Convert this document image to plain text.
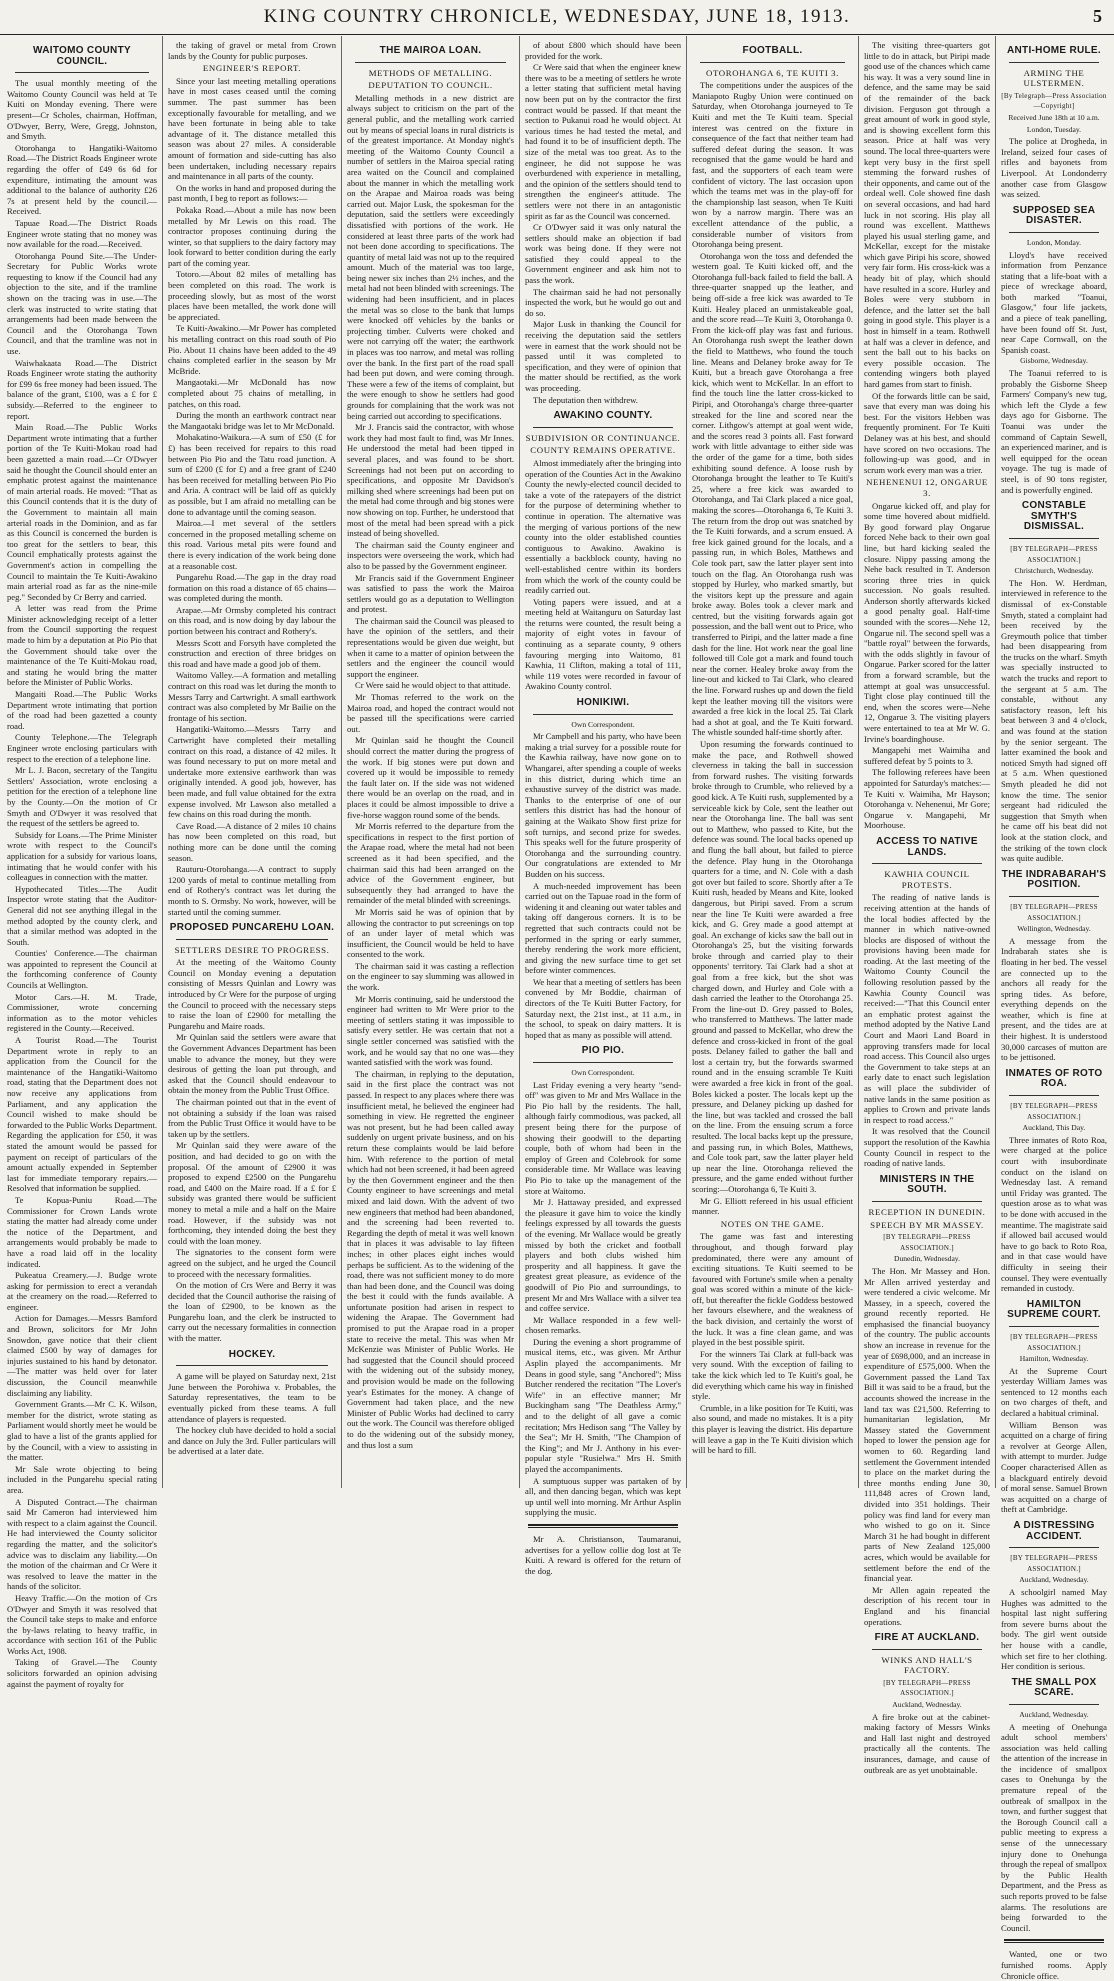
KING COUNTRY CHRONICLE, WEDNESDAY, JUNE 18, 1913.	5
WAITOMO COUNTY COUNCIL.

The usual monthly meeting of the Waitomo County Council was held at Te Kuiti on Monday evening. There were present—Cr Scholes, chairman, Hoffman, O'Dwyer, Berry, Were, Gregg, Johnston, and Smyth.

Otorohanga to Hangatiki-Waitomo Road.—The District Roads Engineer wrote regarding the offer of £49 6s 6d for expenditure, intimating the amount was additional to the balance of authority £26 7s at present held by the council.—Received.

Tapuae Road.—The District Roads Engineer wrote stating that no money was now available for the road.—Received.

Otorohanga Pound Site.—The Under-Secretary for Public Works wrote requesting to know if the Council had any objection to the site, and if the tramline shown on the tracing was in use.—The clerk was instructed to write stating that arrangements had been made between the Council and the Otorohanga Town Council, and that the tramline was not in use.

Waiwhakaata Road.—The District Roads Engineer wrote stating the authority for £99 6s free money had been issued. The balance of the grant, £100, was a £ for £ subsidy.—Referred to the engineer to report.

Main Road.—The Public Works Department wrote intimating that a further portion of the Te Kuiti-Mokau road had been gazetted a main road.—Cr O'Dwyer said he thought the Council should enter an emphatic protest against the maintenance of main arterial roads. He moved: "That as this Council contends that it is the duty of the Government to maintain all main arterial roads in the Dominion, and as far as this Council is concerned the burden is too great for the settlers to bear, this Council emphatically protests against the Government's action in compelling the Council to maintain the Te Kuiti-Awakino main arterial road as far as the nine-mile peg." Seconded by Cr Berry and carried.

A letter was read from the Prime Minister acknowledging receipt of a letter from the Council supporting the request made to him by a deputation at Pio Pio that the Government should take over the maintenance of the Te Kuiti-Mokau road, and stating he would bring the matter before the Minister of Public Works.

Mangaiti Road.—The Public Works Department wrote intimating that portion of the road had been gazetted a county road.

County Telephone.—The Telegraph Engineer wrote enclosing particulars with respect to the erection of a telephone line.

Mr L. J. Bacon, secretary of the Tangitu Settlers' Association, wrote enclosing a petition for the erection of a telephone line by the County.—On the motion of Cr Smyth and O'Dwyer it was resolved that the request of the settlers be agreed to.

Subsidy for Loans.—The Prime Minister wrote with respect to the Council's application for a subsidy for various loans, intimating that he would confer with his colleagues in connection with the matter.

Hypothecated Titles.—The Audit Inspector wrote stating that the Auditor-General did not see anything illegal in the method adopted by the county clerk, and that a similar method was adopted in the South.

Counties' Conference.—The chairman was appointed to represent the Council at the forthcoming conference of County Councils at Wellington.

Motor Cars.—H. M. Trade, Commissioner, wrote concerning information as to the motor vehicles registered in the County.—Received.

A Tourist Road.—The Tourist Department wrote in reply to an application from the Council for the maintenance of the Hangatiki-Waitomo road, stating that the Department does not now receive any applications from Parliament, and any application the Council wished to make should be forwarded to the Public Works Department. Regarding the application for £50, it was stated the amount would be passed for payment on receipt of particulars of the amount actually expended in September last for immediate temporary repairs.—Resolved that information be supplied.

Te Kopua-Puniu Road.—The Commissioner for Crown Lands wrote stating the matter had already come under the notice of the Department, and arrangements would probably be made to have a road laid off in the locality indicated.

Pukeatua Creamery.—J. Budge wrote asking for permission to erect a verandah at the creamery on the road.—Referred to engineer.

Action for Damages.—Messrs Bamford and Brown, solicitors for Mr John Snowdon, gave notice that their client claimed £500 by way of damages for injuries sustained to his hand by detonator.—The matter was held over for later discussion, the Council meanwhile disclaiming any liability.

Government Grants.—Mr C. K. Wilson, member for the district, wrote stating as Parliament would shortly meet he would be glad to have a list of the grants applied for by the Council, with a view to assisting in the matter.

Mr Sale wrote objecting to being included in the Pungarehu special rating area.

A Disputed Contract.—The chairman said Mr Cameron had interviewed him with respect to a claim against the Council. He had interviewed the County solicitor regarding the matter, and the solicitor's advice was to disclaim any liability.—On the motion of the chairman and Cr Were it was resolved to leave the matter in the hands of the solicitor.

Heavy Traffic.—On the motion of Crs O'Dwyer and Smyth it was resolved that the Council take steps to make and enforce the by-laws relating to heavy traffic, in accordance with section 161 of the Public Works Act, 1908.

Taking of Gravel.—The County solicitors forwarded an opinion advising against the payment of royalty for

the taking of gravel or metal from Crown lands by the County for public purposes.

ENGINEER'S REPORT.

Since your last meeting metalling operations have in most cases ceased until the coming summer. The past summer has been exceptionally favourable for metalling, and we have been fortunate in being able to take advantage of it. The distance metalled this season was about 27 miles. A considerable amount of formation and side-cutting has also been undertaken, including necessary repairs and maintenance in all parts of the county.

On the works in hand and proposed during the past month, I beg to report as follows:—

Pokaka Road.—About a mile has now been metalled by Mr Lewis on this road. The contractor proposes continuing during the winter, so that suppliers to the dairy factory may look forward to better condition during the early part of the coming year.

Totoro.—About 82 miles of metalling has been completed on this road. The work is proceeding slowly, but as most of the worst places have been metalled, the work done will be appreciated.

Te Kuiti-Awakino.—Mr Power has completed his metalling contract on this road south of Pio Pio. About 11 chains have been added to the 49 chains completed earlier in the season by Mr McBride.

Mangaotaki.—Mr McDonald has now completed about 75 chains of metalling, in patches, on this road.

During the month an earthwork contract near the Mangaotaki bridge was let to Mr McDonald.

Mohakatino-Waikura.—A sum of £50 (£ for £) has been received for repairs to this road between Pio Pio and the Tatu road junction. A sum of £200 (£ for £) and a free grant of £240 has been received for metalling between Pio Pio and Aria. A contract will be laid off as quickly as possible, but I am afraid no metalling can be done to advantage until the coming season.

Mairoa.—I met several of the settlers concerned in the proposed metalling scheme on this road. Various metal pits were found and there is every indication of the work being done at a reasonable cost.

Pungarehu Road.—The gap in the dray road formation on this road a distance of 65 chains—was completed during the month.

Arapae.—Mr Ormsby completed his contract on this road, and is now doing by day labour the portion between his contract and Rothery's.

Messrs Scott and Forsyth have completed the construction and erection of three bridges on this road and have made a good job of them.

Waitomo Valley.—A formation and metalling contract on this road was let during the month to Messrs Tarry and Cartwright. A small earthwork contract was also completed by Mr Bailie on the frontage of his section.

Hangatiki-Waitomo.—Messrs Tarry and Cartwright have completed their metalling contract on this road, a distance of 42 miles. It was found necessary to put on more metal and undertake more extensive earthwork than was originally intended. A good job, however, has been made, and full value obtained for the extra expense involved. Mr Lawson also metalled a few chains on this road during the month.

Cave Road.—A distance of 2 miles 10 chains has now been completed on this road, but nothing more can be done until the coming season.

Rauturu-Otorohanga.—A contract to supply 1200 yards of metal to continue metalling from end of Rothery's contract was let during the month to S. Ormsby. No work, however, will be started until the coming summer.

PROPOSED PUNCAREHU LOAN.
SETTLERS DESIRE TO PROGRESS.

At the meeting of the Waitomo County Council on Monday evening a deputation consisting of Messrs Quinlan and Lowry was introduced by Cr Were for the purpose of urging the Council to proceed with the necessary steps to raise the loan of £2900 for metalling the Pungarehu and Maire roads.

Mr Quinlan said the settlers were aware that the Government Advances Department has been unable to advance the money, but they were desirous of getting the loan put through, and asked that the Council should endeavour to obtain the money from the Public Trust Office.

The chairman pointed out that in the event of not obtaining a subsidy if the loan was raised from the Public Trust Office it would have to be taken up by the settlers.

Mr Quinlan said they were aware of the position, and had decided to go on with the proposal. Of the amount of £2900 it was proposed to expend £2500 on the Pungarehu road, and £400 on the Maire road. If a £ for £ subsidy was granted there would be sufficient money to metal a mile and a half on the Maire road. However, if the subsidy was not forthcoming, they intended doing the best they could with the loan money.

The signatories to the consent form were agreed on the subject, and he urged the Council to proceed with the necessary formalities.

On the motion of Crs Were and Berry it was decided that the Council authorise the raising of the loan of £2900, to be known as the Pungarehu loan, and the clerk be instructed to carry out the necessary formalities in connection with the matter.

HOCKEY.

A game will be played on Saturday next, 21st June between the Porohiwa v. Probables, the Saturday representatives, the team to be eventually picked from these teams. A full attendance of players is requested.

The hockey club have decided to hold a social and dance on July the 3rd. Fuller particulars will be advertised at a later date.

THE MAIROA LOAN.
METHODS OF METALLING.
DEPUTATION TO COUNCIL.

Metalling methods in a new district are always subject to criticism on the part of the general public, and the metalling work carried out by means of special loans in rural districts is of the greatest importance. At Monday night's meeting of the Waitomo County Council a number of settlers in the Mairoa special rating area waited on the Council and complained about the manner in which the metalling work on the Arapae and Mairoa roads was being carried out. Major Lusk, the spokesman for the deputation, said the settlers were exceedingly dissatisfied with portions of the work. He considered at least three parts of the work had not been done according to specifications. The quantity of metal laid was not up to the required amount. Much of the material was too large, being newer six inches than 2½ inches, and the metal had not been blinded with screenings. The widening had been insufficient, and in places the metal was so close to the bank that lumps were knocked off vehicles by the banks or projecting timber. Culverts were choked and were not carrying off the water; the earthwork in places was too narrow, and metal was rolling over the bank. In the first part of the road spall had been put down, and were coming through. These were a few of the items of complaint, but the were enough to show he settlers had good grounds for complaining that the work was not being carried out according to specifications.

Mr J. Francis said the contractor, with whose work they had most fault to find, was Mr Innes. He understood the metal had been tipped in several places, and was found to be short. Screenings had not been put on according to specifications, and opposite Mr Davidson's milking shed where screenings had been put on the metal had come through and big stones were now showing on top. Further, he understood that most of the metal had been spread with a pick instead of being shovelled.

The chairman said the County engineer and inspectors were overseeing the work, which had also to be passed by the Government engineer.

Mr Francis said if the Government Engineer was satisfied to pass the work the Mairoa settlers would go as a deputation to Wellington and protest.

The chairman said the Council was pleased to have the opinion of the settlers, and their representations would be given due weight, but when it came to a matter of opinion between the settlers and the engineer the council would support the engineer.

Cr Were said he would object to that attitude.

Mr Thomas referred to the work on the Mairoa road, and hoped the contract would not be passed till the specifications were carried out.

Mr Quinlan said he thought the Council should correct the matter during the progress of the work. If big stones were put down and covered up it would be impossible to remedy the fault later on. If the side was not widened there would be an overlap on the road, and in places it could be almost impossible to drive a five-horse waggon round some of the bends.

Mr Morris referred to the departure from the specifications in respect to the first portion of the Arapae road, where the metal had not been screened as it had been specified, and the chairman said this had been arranged on the advice of the Government engineer, but subsequently they had arranged to have the remainder of the metal blinded with screenings.

Mr Morris said he was of opinion that by allowing the contractor to put screenings on top of an under layer of metal which was insufficient, the Council would be held to have consented to the work.

The chairman said it was casting a reflection on the engineer to say slumming was allowed in the work.

Mr Morris continuing, said he understood the engineer had written to Mr Were prior to the meeting of settlers stating it was impossible to satisfy every settler. He was certain that not a single settler concerned was satisfied with the work, and he would say that no one was—they wanted satisfied with the work was found.

The chairman, in replying to the deputation, said in the first place the contract was not passed. In respect to any places where there was insufficient metal, he believed the engineer had something in view. He regretted the engineer was not present, but he had been called away suddenly on urgent private business, and on his return these complaints would be laid before him. With reference to the portion of metal which had not been screened, it had been agreed by the then Government engineer and the then County engineer to have screenings and metal mixed and laid down. With the advent of two new engineers that method had been abandoned, and the screening had been reverted to. Regarding the depth of metal it was well known that in places it was advisable to lay fifteen inches; in other places eight inches would perhaps be sufficient. As to the widening of the road, there was not sufficient money to do more than had been done, and the Council was doing the best it could with the funds available. A unfortunate position had arisen in respect to widening the Arapae. The Government had promised to put the Arapae road in a proper state to receive the metal. This was when Mr McKenzie was Minister of Public Works. He had suggested that the Council should proceed with the widening out of the subsidy money, and provision would be made on the following year's Estimates for the money. A change of Government had taken place, and the new Minister of Public Works had declined to carry out the work. The Council was therefore obliged to do the widening out of the subsidy money, and thus lost a sum

of about £800 which should have been provided for the work.

Cr Were said that when the engineer knew there was to be a meeting of settlers he wrote a letter stating that sufficient metal having now been put on by the contractor the first contract would be passed. If that meant the section to Pukanui road he would object. At various times he had tested the metal, and had found it to be of insufficient depth. The size of the metal was too great. As to the engineer, he did not suppose he was overburdened with experience in metalling, and the opinion of the settlers should tend to strengthen the engineer's attitude. The settlers were not there in an antagonistic spirit as far as the Council was concerned.

Cr O'Dwyer said it was only natural the settlers should make an objection if bad work was being done. If they were not satisfied they could appeal to the Government engineer and ask him not to pass the work.

The chairman said he had not personally inspected the work, but he would go out and do so.

Major Lusk in thanking the Council for receiving the deputation said the settlers were in earnest that the work should not be passed until it was completed to specification, and they were of opinion that the matter should be rectified, as the work was proceeding.

The deputation then withdrew.

AWAKINO COUNTY.
SUBDIVISION OR CONTINUANCE.
COUNTY REMAINS OPERATIVE.

Almost immediately after the bringing into operation of the Counties Act in the Awakino County the newly-elected council decided to take a vote of the ratepayers of the district for the purpose of determining whether to continue in operation. The alternative was the merging of various portions of the new county into the older established counties contiguous to Awakino. Awakino is essentially a backblock county, having no well-established centre within its borders from which the work of the county could be readily carried out.

Voting papers were issued, and at a meeting held at Waitanguru on Saturday last the returns were counted, the result being a majority of eight votes in favour of continuing as a separate county, 9 others favouring merging into Waitomo, 81 Kawhia, 11 Clifton, making a total of 111, while 119 votes were recorded in favour of Awakino County control.

HONIKIWI.
Own Correspondent.

Mr Campbell and his party, who have been making a trial survey for a possible route for the Kawhia railway, have now gone on to Whangarei, after spending a couple of weeks in this district, during which time an exhaustive survey of the district was made. Thanks to the enterprise of one of our settlers this district has had the honour of gaining at the Waikato Show first prize for soft turnips, and second prize for swedes. This speaks well for the future prosperity of Otorohanga and the surrounding country. Our congratulations are extended to Mr Budden on his success.

A much-needed improvement has been carried out on the Tapuae road in the form of widening it and cleaning out water tables and taking off dangerous corners. It is to be regretted that such contracts could not be performed in the spring or early summer, thereby rendering the work more efficient, and giving the new surface time to get set before winter commences.

We hear that a meeting of settlers has been convened by Mr Boddie, chairman of directors of the Te Kuiti Butter Factory, for Saturday next, the 21st inst., at 11 a.m., in the school, to speak on dairy matters. It is hoped that as many as possible will attend.

PIO PIO.
Own Correspondent.

Last Friday evening a very hearty "send-off" was given to Mr and Mrs Wallace in the Pio Pio hall by the residents. The hall, although fairly commodious, was packed, all present being there for the purpose of showing their goodwill to the departing couple, both of whom had been in the employ of Green and Colebrook for some considerable time. Mr Wallace was leaving Pio Pio to take up the management of the store at Waitomo.

Mr J. Hattaway presided, and expressed the pleasure it gave him to voice the kindly feelings expressed by all towards the guests of the evening. Mr Wallace would be greatly missed by both the cricket and football players and both clubs wished him prosperity and all happiness. It gave the greatest great pleasure, as evidence of the goodwill of Pio Pio and surroundings, to present Mr and Mrs Wallace with a silver tea and coffee service.

Mr Wallace responded in a few well-chosen remarks.

During the evening a short programme of musical items, etc., was given. Mr Arthur Asplin played the accompaniments. Mr Deans in good style, sang "Anchored"; Miss Butcher rendered the recitation "The Lover's Wife" in an effective manner; Mr Buckingham sang "The Deathless Army," and to the delight of all gave a comic recitation; Mrs Hedison sang "The Valley by the Sea"; Mr H. Smith, "The Champion of the King"; and Mr J. Anthony in his ever-popular style "Rusielwa." Mrs H. Smith played the accompaniments.

A sumptuous supper was partaken of by all, and then dancing began, which was kept up until well into morning. Mr Arthur Asplin supplying the music.

Mr A. Christianson, Taumaranui, advertises for a yellow collie dog lost at Te Kuiti. A reward is offered for the return of the dog.

FOOTBALL.
OTOROHANGA 6, TE KUITI 3.

The competitions under the auspices of the Maniapoto Rugby Union were continued on Saturday, when Otorohanga journeyed to Te Kuiti and met the Te Kuiti team. Special interest was centred on the fixture in consequence of the fact that neither team had suffered defeat during the season. It was recognised that the game would be hard and fast, and the supporters of each team were confident of victory. The last occasion upon which the teams met was in the play-off for the championship last season, when Te Kuiti won by a narrow margin. There was an excellent attendance of the public, a considerable number of visitors from Otorohanga being present.

Otorohanga won the toss and defended the western goal. Te Kuiti kicked off, and the Otorohanga full-back failed to field the ball. A three-quarter snapped up the leather, and being off-side a free kick was awarded to Te Kuiti. Healey placed an unmistakeable goal, and the score read—Te Kuiti 3, Otorohanga 0. From the kick-off play was fast and furious. An Otorohanga rush swept the leather down the field to Matthews, who found the touch line. Means and Delaney broke away for Te Kuiti, but a breach gave Otorohanga a free kick, which went to McKellar. In an effort to find the touch line the latter cross-kicked to Piripi, and Otorohanga's charge three-quarter streaked for the line and scored near the corner. Lithgow's attempt at goal went wide, and the scores read 3 points all. Fast forward work with little advantage to either side was the order of the game for a time, both sides exhibiting sound defence. A loose rush by Otorohanga brought the leather to Te Kuiti's 25, where a free kick was awarded to Otorohanga, and Tai Clark placed a nice goal, making the scores—Otorohanga 6, Te Kuiti 3. The return from the drop out was snatched by the Te Kuiti forwards, and a scrum ensued. A free kick gained ground for the locals, and a passing run, in which Boles, Matthews and Cole took part, saw the latter player sent into touch on the flag. An Otorohanga rush was stopped by Hurley, who marked smartly, but the visitors kept up the pressure and again broke away. Boles took a clever mark and centred, but the visiting forwards again got possession, and the ball went out to Price, who transferred to Piripi, and the latter made a fine dash for the line. Hot work near the goal line followed till Cole got a mark and found touch near the corner. Healey broke away from the line-out and kicked to Tai Clark, who cleared the line. Forward rushes up and down the field kept the leather moving till the visitors were awarded a free kick in the local 25. Tai Clark had a shot at goal, and the Te Kuiti forward. The whistle sounded half-time shortly after.

Upon resuming the forwards continued to make the pace, and Rothwell showed cleverness in taking the ball in succession from forward rushes. The visiting forwards broke through to Crumble, who relieved by a good kick. A Te Kuiti rush, supplemented by a serviceable kick by Cole, sent the leather out near the Otorohanga line. The ball was sent out to Matthew, who passed to Kite, but the defence was sound. The local backs opened up and flung the ball about, but failed to pierce the defence. Play hung in the Otorohanga quarters for a time, and N. Cole with a dash got over but failed to score. Shortly after a Te Kuiti rush, headed by Means and Kite, looked dangerous, but Piripi saved. From a scrum near the line Te Kuiti were awarded a free kick, and G. Grey made a good attempt at goal. An exchange of kicks saw the ball out in Otorohanga's 25, but the visiting forwards broke through and carried play to their opponents' territory. Tai Clark had a shot at goal from a free kick, but the shot was charged down, and Hurley and Cole with a dash carried the leather to the Otorohanga 25. From the line-out D. Grey passed to Boles, who transferred to Matthews. The latter made ground and passed to McKellar, who drew the defence and cross-kicked in front of the goal posts. Delaney failed to gather the ball and lost a certain try, but the forwards swarmed round and in the ensuing scramble Te Kuiti were awarded a free kick in front of the goal. Boles kicked a poster. The locals kept up the pressure, and Delaney picking up dashed for the line, but was tackled and crossed the ball on the line. From the ensuing scrum a force resulted. The local backs kept up the pressure, and passing run, in which Boles, Matthews, and Cole took part, saw the latter player held up near the line. Otorohanga relieved the pressure, and the game ended without further scoring:—Otorohanga 6, Te Kuiti 3.

Mr G. Elliott refereed in his usual efficient manner.

NOTES ON THE GAME.

The game was fast and interesting throughout, and though forward play predominated, there were any amount of exciting situations. Te Kuiti seemed to be favoured with Fortune's smile when a penalty goal was scored within a minute of the kick-off, but thereafter the fickle Goddess bestowed her favours elsewhere, and the weakness of the back division, and certainly the worst of the luck. It was a fine clean game, and was played in the best possible spirit.

For the winners Tai Clark at full-back was very sound. With the exception of failing to take the kick which led to Te Kuiti's goal, he did everything which came his way in finished style.

Crumble, in a like position for Te Kuiti, was also sound, and made no mistakes. It is a pity this player is leaving the district. His departure will leave a gap in the Te Kuiti division which will be hard to fill.

The visiting three-quarters got little to do in attack, but Piripi made good use of the chances which came his way. It was a very sound line in defence, and the same may be said of the remainder of the back division. Ferguson got through a great amount of work in good style, and is showing excellent form this season. Price at half was very sound. The local three-quarters were kept very busy in the first spell stemming the forward rushes of their opponents, and came out of the ordeal well. Cole showed fine dash on several occasions, and had hard luck in not scoring. His play all round was excellent. Matthews played his usual sterling game, and McKellar, except for the mistake which gave Piripi his score, showed very fair form. His cross-kick was a heady bit of play, which should have resulted in a score. Hurley and Boles were very stubborn in defence, and the latter set the ball going in good style. This player is a host in himself in a team. Rothwell at half was a clever in defence, and sent the ball out to his backs on every possible occasion. The contending wingers both played hard games from start to finish.

Of the forwards little can be said, save that every man was doing his best. For the visitors Hebben was frequently prominent. For Te Kuiti Delaney was at his best, and should have scored on two occasions. The following-up was good, and in scrum work every man was a trier.

NEHENENUI 12, ONGARUE 3.

Ongarue kicked off, and play for some time hovered about midfield. By good forward play Ongarue forced Nehe back to their own goal line, but hard kicking sealed the closure. Nippy passing among the Nehe back resulted in T. Anderson scoring three tries in quick succession. No goals resulted. Anderson shortly afterwards kicked a good penalty goal. Half-time sounded with the scores—Nehe 12, Ongarue nil. The second spell was a "battle royal" between the forwards, with the odds slightly in favour of Ongarue. Parker scored for the latter from a forward scramble, but the attempt at goal was unsuccessful. Tight close play continued till the end, when the scores were—Nehe 12, Ongarue 3. The visiting players were entertained to tea at Mr W. G. Irvine's boardinghouse.

Mangapehi met Waimiha and suffered defeat by 5 points to 3.

The following referees have been appointed for Saturday's matches:—Te Kuiti v. Waimiha, Mr Hayson; Otorohanga v. Nehenenui, Mr Gore; Ongarue v. Mangapehi, Mr Moorhouse.

ACCESS TO NATIVE LANDS.
KAWHIA COUNCIL PROTESTS.

The reading of native lands is receiving attention at the hands of the local bodies affected by the manner in which native-owned blocks are disposed of without the provisions having been made for roading. At the last meeting of the Waitomo County Council the following resolution passed by the Kawhia County Council was received:—"That this Council enter an emphatic protest against the method adopted by the Native Land Court and Maori Land Board in approving transfers made for local road access. This Council also urges the Government to take steps at an early date to enact such legislation as will place the subdivider of native lands in the same position as applies to Crown and private lands in respect to road access."

It was resolved that the Council support the resolution of the Kawhia County Council in respect to the roading of native lands.

MINISTERS IN THE SOUTH.
RECEPTION IN DUNEDIN.
SPEECH BY MR MASSEY.
[BY TELEGRAPH—PRESS ASSOCIATION.]
Dunedin, Wednesday.

The Hon. Mr Massey and Hon. Mr Allen arrived yesterday and were tendered a civic welcome. Mr Massey, in a speech, covered the ground recently reported. He emphasised the financial buoyancy of the country. The public accounts show an increase in revenue for the year of £698,000, and an increase in expenditure of £575,000. When the Government passed the Land Tax Bill it was said to be a fraud, but the accounts showed the increase in the land tax was £21,500. Referring to humanitarian legislation, Mr Massey stated the Government hoped to lower the pension age for women to 60. Regarding land settlement the Government intended to place on the market during the three months ending June 30, 111,848 acres of Crown land, divided into 351 holdings. Their policy was find land for every man who wished to go on it. Since March 31 he had bought in different parts of New Zealand 125,000 acres, which would be available for settlement before the end of the financial year.

Mr Allen again repeated the description of his recent tour in England and his financial operations.

FIRE AT AUCKLAND.
WINKS AND HALL'S FACTORY.
[BY TELEGRAPH—PRESS ASSOCIATION.]
Auckland, Wednesday.

A fire broke out at the cabinet-making factory of Messrs Winks and Hall last night and destroyed practically all the contents. The insurances, damage, and cause of outbreak are as yet unobtainable.

ANTI-HOME RULE.
ARMING THE ULSTERMEN.
[By Telegraph—Press Association—Copyright]
Received June 18th at 10 a.m.
London, Tuesday.

The police at Drogheda, in Ireland, seized four cases of rifles and bayonets from Liverpool. At Londonderry another case from Glasgow was seized.

SUPPOSED SEA DISASTER.
London, Monday.

Lloyd's have received information from Penzance stating that a life-boat with a piece of wreckage aboard, both marked "Toanui, Glasgow," four life jackets, and a piece of teak panelling, have been found off St. Just, near Cape Cornwall, on the Spanish coast.

Gisborne, Wednesday.

The Toanui referred to is probably the Gisborne Sheep Farmers' Company's new tug, which left the Clyde a few days ago for Gisborne. The Toanui was under the command of Captain Sewell, an experienced mariner, and is well equipped for the ocean voyage. The tug is made of steel, is of 90 tons register, and is powerfully engined.

CONSTABLE SMYTH'S DISMISSAL.
[BY TELEGRAPH—PRESS ASSOCIATION.]
Christchurch, Wednesday.

The Hon. W. Herdman, interviewed in reference to the dismissal of ex-Constable Smyth, stated a complaint had been received by the Greymouth police that timber had been disappearing from the trucks on the wharf. Smyth was specially instructed to watch the trucks and report to the sergeant at 5 a.m. The constable, without any satisfactory reason, left his beat between 3 and 4 o'clock, and was found at the station by the senior sergeant. The latter examined the book and noticed Smyth had signed off at 5 a.m. When questioned Smyth pleaded he did not know the time. The senior sergeant had ridiculed the suggestion that Smyth when he came off his beat did not look at the station clock, and the striking of the town clock was quite audible.

THE INDRABARAH'S POSITION.
[BY TELEGRAPH—PRESS ASSOCIATION.]
Wellington, Wednesday.

A message from the Indrabarah states she is floating in her bed. The vessel are connected up to the anchors all ready for the spring tides. As before, everything depends on the weather, which is fine at present, and the tides are at their highest. It is understood 30,000 carcases of mutton are to be jettisoned.

INMATES OF ROTO ROA.
[BY TELEGRAPH—PRESS ASSOCIATION.]
Auckland, This Day.

Three inmates of Roto Roa, were charged at the police court with insubordinate conduct on the island on Wednesday last. A remand until Friday was granted. The question arose as to what was to be done with accused in the meantime. The magistrate said if allowed bail accused would have to go back to Roto Roa, and in that case would have difficulty in seeing their counsel. They were eventually remanded in custody.

HAMILTON SUPREME COURT.
[BY TELEGRAPH—PRESS ASSOCIATION.]
Hamilton, Wednesday.

At the Supreme Court yesterday William James was sentenced to 12 months each on two charges of theft, and declared a habitual criminal.

William Benson was acquitted on a charge of firing a revolver at George Allen, with attempt to murder. Judge Cooper characterised Allen as a blackguard entirely devoid of moral sense. Samuel Brown was acquitted on a charge of theft at Cambridge.

A DISTRESSING ACCIDENT.
[BY TELEGRAPH—PRESS ASSOCIATION.]
Auckland, Wednesday.

A schoolgirl named May Hughes was admitted to the hospital last night suffering from severe burns about the body. The girl went outside her house with a candle, which set fire to her clothing. Her condition is serious.

THE SMALL POX SCARE.
Auckland, Wednesday.

A meeting of Onehunga adult school members' association was held calling the attention of the increase in the incidence of smallpox cases to Onehunga by the premature repeal of the outbreak of smallpox in the town, and further suggest that the Borough Council call a public meeting to express a sense of the unnecessary injury done to Onehunga through the repeal of smallpox by the Public Health Department, and the Press as such reports proved to be false alarms. The resolutions are being forwarded to the Council.

Wanted, one or two furnished rooms. Apply Chronicle office.
